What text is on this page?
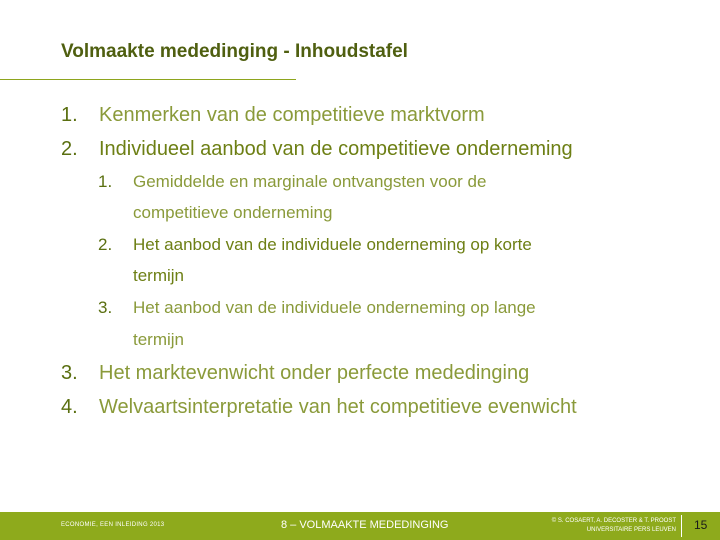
Volmaakte mededinging - Inhoudstafel
1. Kenmerken van de competitieve marktvorm
2. Individueel aanbod van de competitieve onderneming
1. Gemiddelde en marginale ontvangsten voor de
competitieve onderneming
2. Het aanbod van de individuele onderneming op korte
termijn
3. Het aanbod van de individuele onderneming op lange
termijn
3. Het marktevenwicht onder perfecte mededinging
4. Welvaartsinterpretatie van het competitieve evenwicht
ECONOMIE, EEN INLEIDING 2013	8 – VOLMAAKTE MEDEDINGING	© S. COSAERT, A. DECOSTER & T. PROOST
UNIVERSITAIRE PERS LEUVEN 15
